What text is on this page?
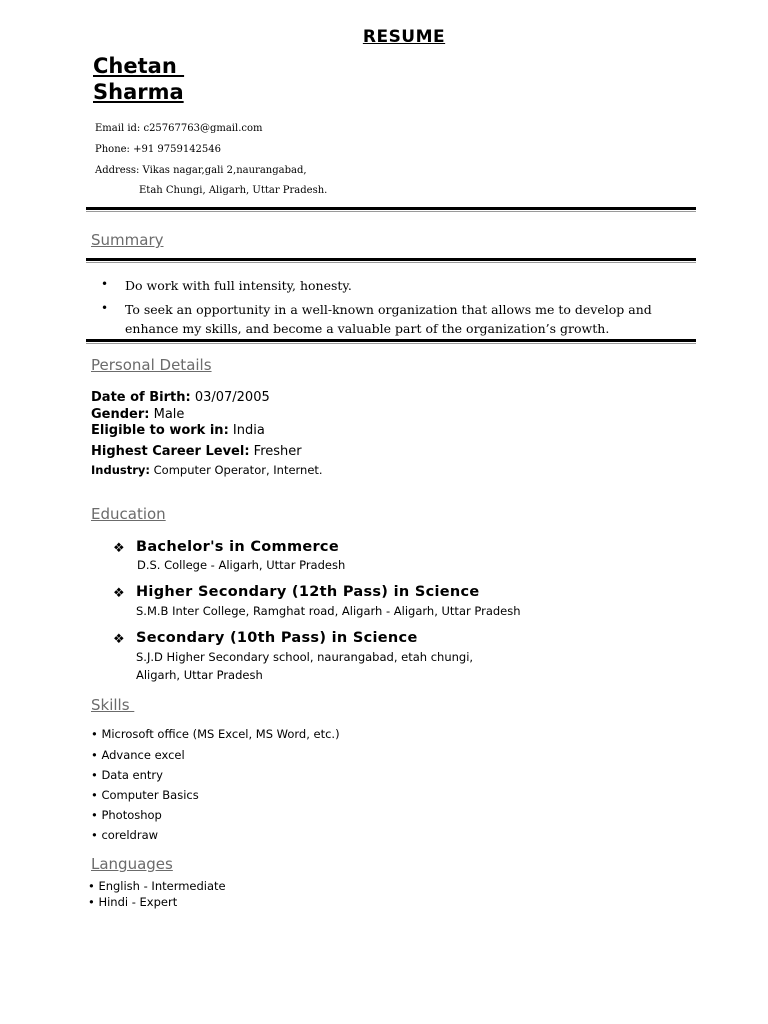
RESUME
Chetan
Sharma
Email id: c25767763@gmail.com
Phone: +91 9759142546
Address: Vikas nagar,gali 2,naurangabad,
Etah Chungi, Aligarh, Uttar Pradesh.
Summary
• Do work with full intensity, honesty.
• To seek an opportunity in a well-known organization that allows me to develop and enhance my skills, and become a valuable part of the organization’s growth.
Personal Details
Date of Birth: 03/07/2005
Gender: Male
Eligible to work in: India
Highest Career Level: Fresher
Industry: Computer Operator, Internet.
Education
❖ Bachelor's in Commerce
D.S. College - Aligarh, Uttar Pradesh
❖ Higher Secondary (12th Pass) in Science
S.M.B Inter College, Ramghat road, Aligarh - Aligarh, Uttar Pradesh
❖ Secondary (10th Pass) in Science
S.J.D Higher Secondary school, naurangabad, etah chungi,
Aligarh, Uttar Pradesh
Skills
• Microsoft office (MS Excel, MS Word, etc.)
• Advance excel
• Data entry
• Computer Basics
• Photoshop
• coreldraw
Languages
• English - Intermediate
• Hindi - Expert
